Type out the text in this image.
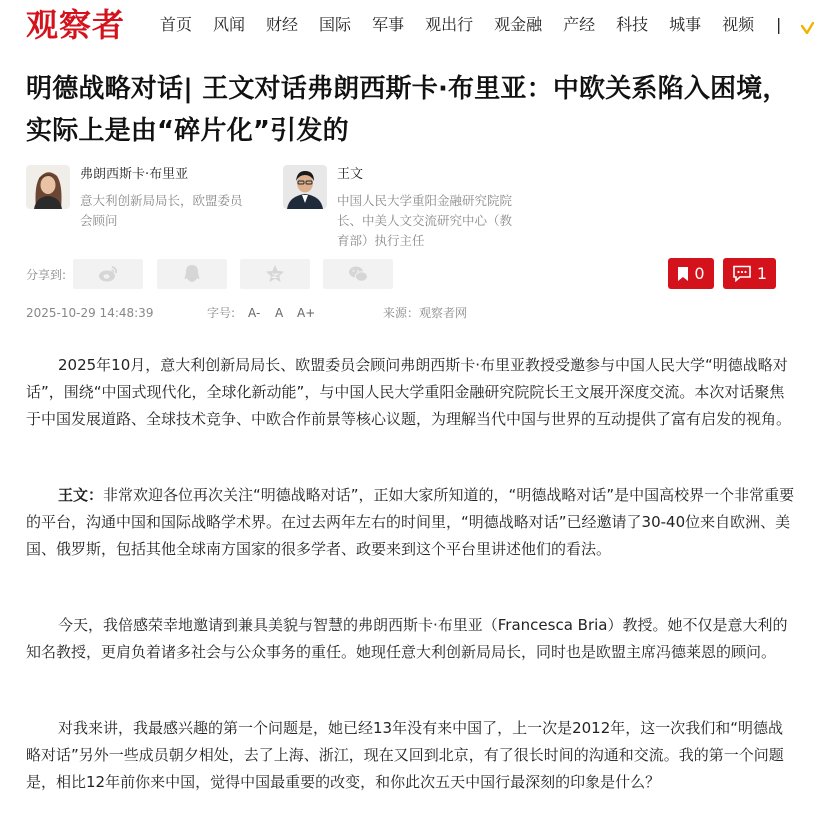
观察者 首页 风闻 财经 国际 军事 观出行 观金融 产经 科技 城事 视频 |
明德战略对话| 王文对话弗朗西斯卡·布里亚：中欧关系陷入困境，实际上是由“碎片化”引发的
弗朗西斯卡·布里亚
意大利创新局局长，欧盟委员会顾问
王文
中国人民大学重阳金融研究院院长、中美人文交流研究中心（教育部）执行主任
分享到:	0	1
2025-10-29 14:48:39	字号: A- A A+	来源：观察者网

2025年10月，意大利创新局局长、欧盟委员会顾问弗朗西斯卡·布里亚教授受邀参与中国人民大学“明德战略对话”，围绕“中国式现代化，全球化新动能”，与中国人民大学重阳金融研究院院长王文展开深度交流。本次对话聚焦于中国发展道路、全球技术竞争、中欧合作前景等核心议题，为理解当代中国与世界的互动提供了富有启发的视角。

王文：非常欢迎各位再次关注“明德战略对话”，正如大家所知道的，“明德战略对话”是中国高校界一个非常重要的平台，沟通中国和国际战略学术界。在过去两年左右的时间里，“明德战略对话”已经邀请了30-40位来自欧洲、美国、俄罗斯，包括其他全球南方国家的很多学者、政要来到这个平台里讲述他们的看法。

今天，我倍感荣幸地邀请到兼具美貌与智慧的弗朗西斯卡·布里亚（Francesca Bria）教授。她不仅是意大利的知名教授，更肩负着诸多社会与公众事务的重任。她现任意大利创新局局长，同时也是欧盟主席冯德莱恩的顾问。

对我来讲，我最感兴趣的第一个问题是，她已经13年没有来中国了，上一次是2012年，这一次我们和“明德战略对话”另外一些成员朝夕相处，去了上海、浙江，现在又回到北京，有了很长时间的沟通和交流。我的第一个问题是，相比12年前你来中国，觉得中国最重要的改变，和你此次五天中国行最深刻的印象是什么？
